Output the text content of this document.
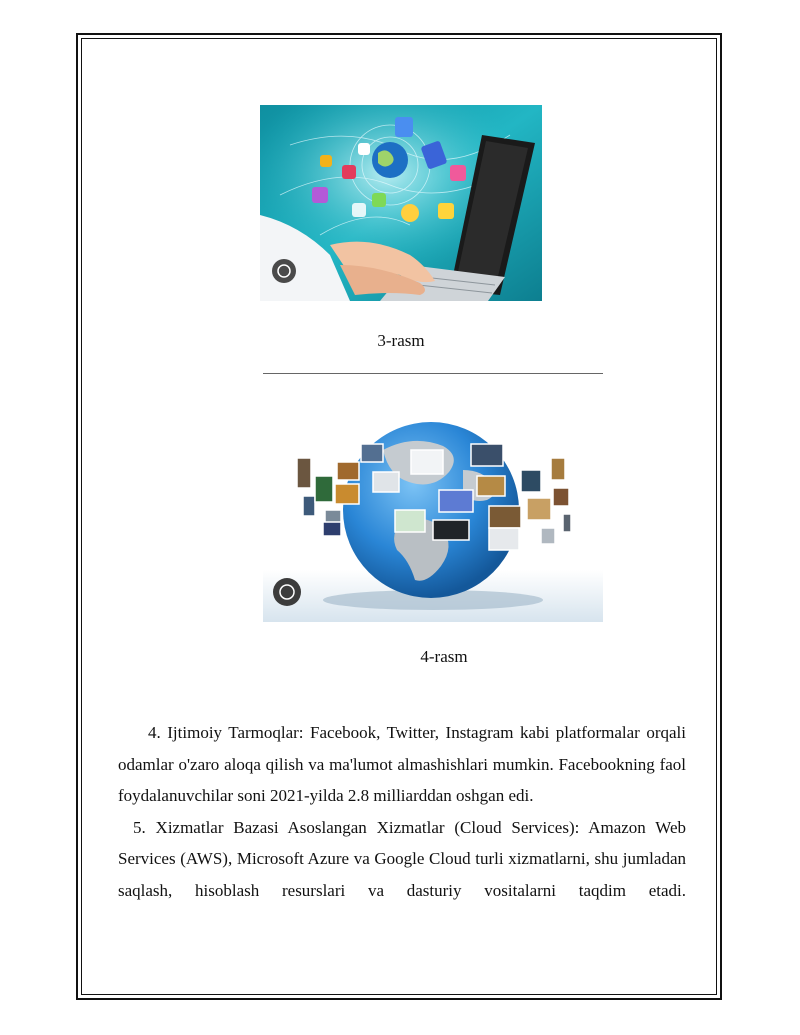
3-rasm
4-rasm

4. Ijtimoiy Tarmoqlar: Facebook, Twitter, Instagram kabi platformalar orqali odamlar o'zaro aloqa qilish va ma'lumot almashishlari mumkin. Facebookning faol foydalanuvchilar soni 2021-yilda 2.8 milliarddan oshgan edi.

5. Xizmatlar Bazasi Asoslangan Xizmatlar (Cloud Services): Amazon Web Services (AWS), Microsoft Azure va Google Cloud turli xizmatlarni, shu jumladan saqlash, hisoblash resurslari va dasturiy vositalarni taqdim etadi.
